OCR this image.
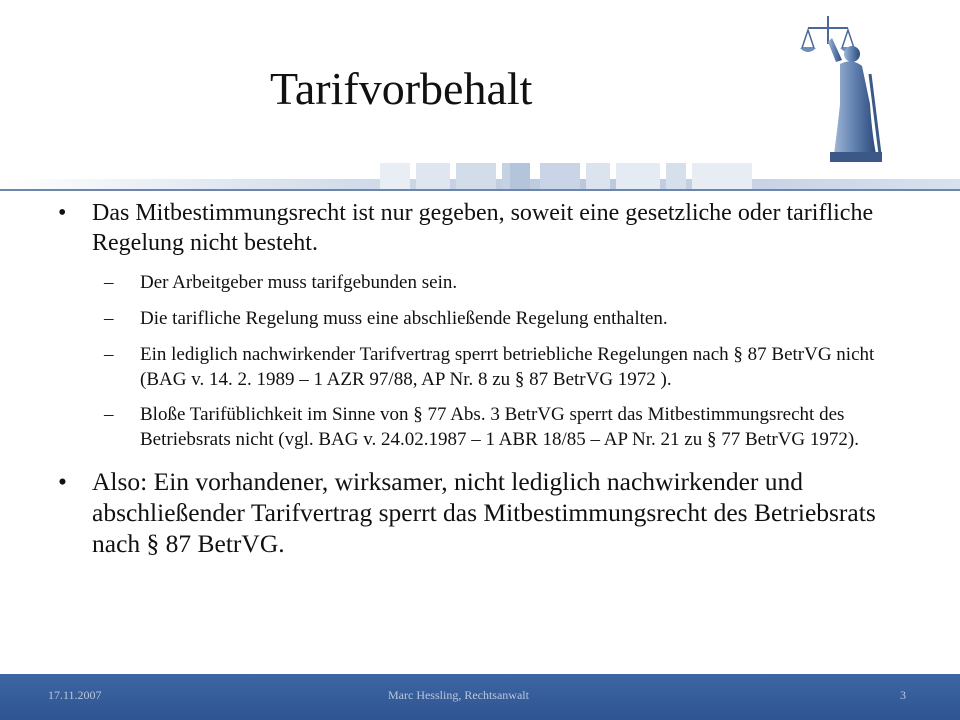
Tarifvorbehalt
• Das Mitbestimmungsrecht ist nur gegeben, soweit eine gesetzliche oder tarifliche Regelung nicht besteht.
– Der Arbeitgeber muss tarifgebunden sein.
– Die tarifliche Regelung muss eine abschließende Regelung enthalten.
– Ein lediglich nachwirkender Tarifvertrag sperrt betriebliche Regelungen nach § 87 BetrVG nicht (BAG v. 14. 2. 1989 – 1 AZR 97/88, AP Nr. 8 zu § 87 BetrVG 1972 ).
– Bloße Tarifüblichkeit im Sinne von § 77 Abs. 3 BetrVG sperrt das Mitbestimmungsrecht des Betriebsrats nicht (vgl. BAG v. 24.02.1987 – 1 ABR 18/85 – AP Nr. 21 zu § 77 BetrVG 1972).
• Also: Ein vorhandener, wirksamer, nicht lediglich nachwirkender und abschließender Tarifvertrag sperrt das Mitbestimmungsrecht des Betriebsrats nach § 87 BetrVG.
17.11.2007	Marc Hessling, Rechtsanwalt	3
